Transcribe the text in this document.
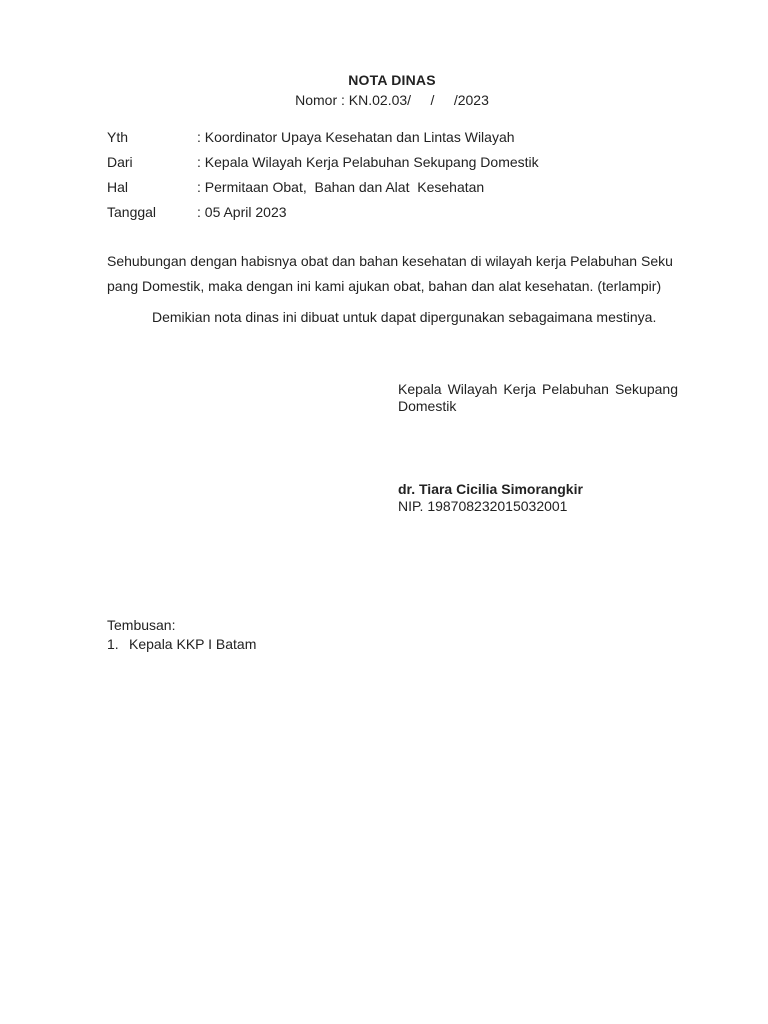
NOTA DINAS
Nomor : KN.02.03/     /     /2023
Yth	: Koordinator Upaya Kesehatan dan Lintas Wilayah
Dari	: Kepala Wilayah Kerja Pelabuhan Sekupang Domestik
Hal	: Permitaan Obat,  Bahan dan Alat  Kesehatan
Tanggal	: 05 April 2023
Sehubungan dengan habisnya obat dan bahan kesehatan di wilayah kerja Pelabuhan Sekupang Domestik, maka dengan ini kami ajukan obat, bahan dan alat kesehatan. (terlampir)
Demikian nota dinas ini dibuat untuk dapat dipergunakan sebagaimana mestinya.
Kepala Wilayah Kerja Pelabuhan Sekupang Domestik
dr. Tiara Cicilia Simorangkir
NIP. 198708232015032001
Tembusan:
1. Kepala KKP I Batam
